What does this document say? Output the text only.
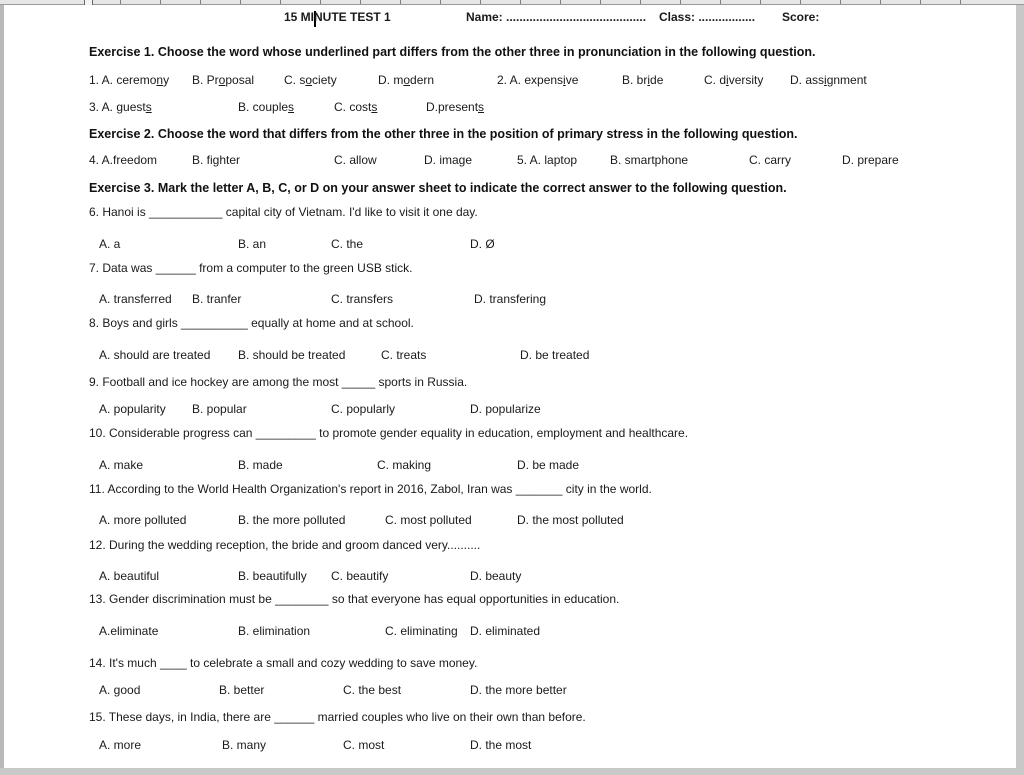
15 MINUTE TEST 1	Name: .......................................... Class: ................. Score:
Exercise 1. Choose the word whose underlined part differs from the other three in pronunciation in the following question.
1. A. ceremony B. Proposal C. society	D. modern	2. A. expensive	B. bride	C. diversity D. assignment
3. A. guests	B. couples	C. costs	D.presents
Exercise 2. Choose the word that differs from the other three in the position of primary stress in the following question.
4. A.freedom	B. fighter	C. allow	D. image	5. A. laptop	B. smartphone	C. carry	D. prepare
Exercise 3. Mark the letter A, B, C, or D on your answer sheet to indicate the correct answer to the following question.
6. Hanoi is ___________ capital city of Vietnam. I'd like to visit it one day.
A. a	B. an	C. the	D. Ø
7. Data was ______ from a computer to the green USB stick.
A. transferred B. tranfer	C. transfers	D. transfering
8. Boys and girls __________ equally at home and at school.
A. should are treated B. should be treated	C. treats	D. be treated
9. Football and ice hockey are among the most _____ sports in Russia.
A. popularity B. popular	C. popularly	D. popularize
10. Considerable progress can _________ to promote gender equality in education, employment and healthcare.
A. make	B. made	C. making	D. be made
11. According to the World Health Organization's report in 2016, Zabol, Iran was _______ city in the world.
A. more polluted	B. the more polluted	C. most polluted	D. the most polluted
12. During the wedding reception, the bride and groom danced very..........
A. beautiful	B. beautifully C. beautify	D. beauty
13. Gender discrimination must be ________ so that everyone has equal opportunities in education.
A.eliminate	B. elimination	C. eliminating D. eliminated
14. It's much ____ to celebrate a small and cozy wedding to save money.
A. good	B. better	C. the best	D. the more better
15. These days, in India, there are ______ married couples who live on their own than before.
A. more	B. many	C. most	D. the most
